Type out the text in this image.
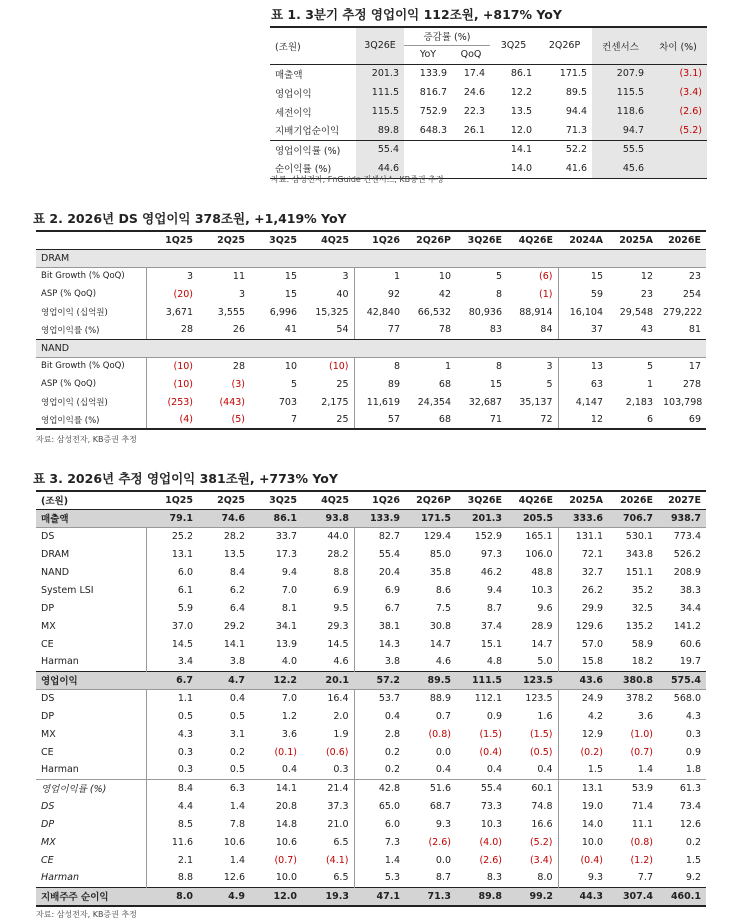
표 1. 3분기 추정 영업이익 112조원, +817% YoY
(조원)	3Q26E	증감률 (%)		3Q25	2Q26P	컨센서스	차이 (%)
		YoY	QoQ				
매출액	201.3	133.9	17.4	86.1	171.5	207.9	(3.1)
영업이익	111.5	816.7	24.6	12.2	89.5	115.5	(3.4)
세전이익	115.5	752.9	22.3	13.5	94.4	118.6	(2.6)
지배기업순이익	89.8	648.3	26.1	12.0	71.3	94.7	(5.2)
영업이익률 (%)	55.4			14.1	52.2	55.5	
순이익률 (%)	44.6			14.0	41.6	45.6	
자료: 삼성전자, FnGuide 컨센서스, KB증권 추정
표 2. 2026년 DS 영업이익 378조원, +1,419% YoY
	1Q25	2Q25	3Q25	4Q25	1Q26	2Q26P	3Q26E	4Q26E	2024A	2025A	2026E
DRAM											
Bit Growth (% QoQ)	3	11	15	3	1	10	5	(6)	15	12	23
ASP (% QoQ)	(20)	3	15	40	92	42	8	(1)	59	23	254
영업이익 (십억원)	3,671	3,555	6,996	15,325	42,840	66,532	80,936	88,914	16,104	29,548	279,222
영업이익률 (%)	28	26	41	54	77	78	83	84	37	43	81
NAND											
Bit Growth (% QoQ)	(10)	28	10	(10)	8	1	8	3	13	5	17
ASP (% QoQ)	(10)	(3)	5	25	89	68	15	5	63	1	278
영업이익 (십억원)	(253)	(443)	703	2,175	11,619	24,354	32,687	35,137	4,147	2,183	103,798
영업이익률 (%)	(4)	(5)	7	25	57	68	71	72	12	6	69
자료: 삼성전자, KB증권 추정
표 3. 2026년 추정 영업이익 381조원, +773% YoY
(조원)	1Q25	2Q25	3Q25	4Q25	1Q26	2Q26P	3Q26E	4Q26E	2025A	2026E	2027E
매출액	79.1	74.6	86.1	93.8	133.9	171.5	201.3	205.5	333.6	706.7	938.7
DS	25.2	28.2	33.7	44.0	82.7	129.4	152.9	165.1	131.1	530.1	773.4
DRAM	13.1	13.5	17.3	28.2	55.4	85.0	97.3	106.0	72.1	343.8	526.2
NAND	6.0	8.4	9.4	8.8	20.4	35.8	46.2	48.8	32.7	151.1	208.9
System LSI	6.1	6.2	7.0	6.9	6.9	8.6	9.4	10.3	26.2	35.2	38.3
DP	5.9	6.4	8.1	9.5	6.7	7.5	8.7	9.6	29.9	32.5	34.4
MX	37.0	29.2	34.1	29.3	38.1	30.8	37.4	28.9	129.6	135.2	141.2
CE	14.5	14.1	13.9	14.5	14.3	14.7	15.1	14.7	57.0	58.9	60.6
Harman	3.4	3.8	4.0	4.6	3.8	4.6	4.8	5.0	15.8	18.2	19.7
영업이익	6.7	4.7	12.2	20.1	57.2	89.5	111.5	123.5	43.6	380.8	575.4
DS	1.1	0.4	7.0	16.4	53.7	88.9	112.1	123.5	24.9	378.2	568.0
DP	0.5	0.5	1.2	2.0	0.4	0.7	0.9	1.6	4.2	3.6	4.3
MX	4.3	3.1	3.6	1.9	2.8	(0.8)	(1.5)	(1.5)	12.9	(1.0)	0.3
CE	0.3	0.2	(0.1)	(0.6)	0.2	0.0	(0.4)	(0.5)	(0.2)	(0.7)	0.9
Harman	0.3	0.5	0.4	0.3	0.2	0.4	0.4	0.4	1.5	1.4	1.8
영업이익률 (%)	8.4	6.3	14.1	21.4	42.8	51.6	55.4	60.1	13.1	53.9	61.3
DS	4.4	1.4	20.8	37.3	65.0	68.7	73.3	74.8	19.0	71.4	73.4
DP	8.5	7.8	14.8	21.0	6.0	9.3	10.3	16.6	14.0	11.1	12.6
MX	11.6	10.6	10.6	6.5	7.3	(2.6)	(4.0)	(5.2)	10.0	(0.8)	0.2
CE	2.1	1.4	(0.7)	(4.1)	1.4	0.0	(2.6)	(3.4)	(0.4)	(1.2)	1.5
Harman	8.8	12.6	10.0	6.5	5.3	8.7	8.3	8.0	9.3	7.7	9.2
지배주주 순이익	8.0	4.9	12.0	19.3	47.1	71.3	89.8	99.2	44.3	307.4	460.1
자료: 삼성전자, KB증권 추정
